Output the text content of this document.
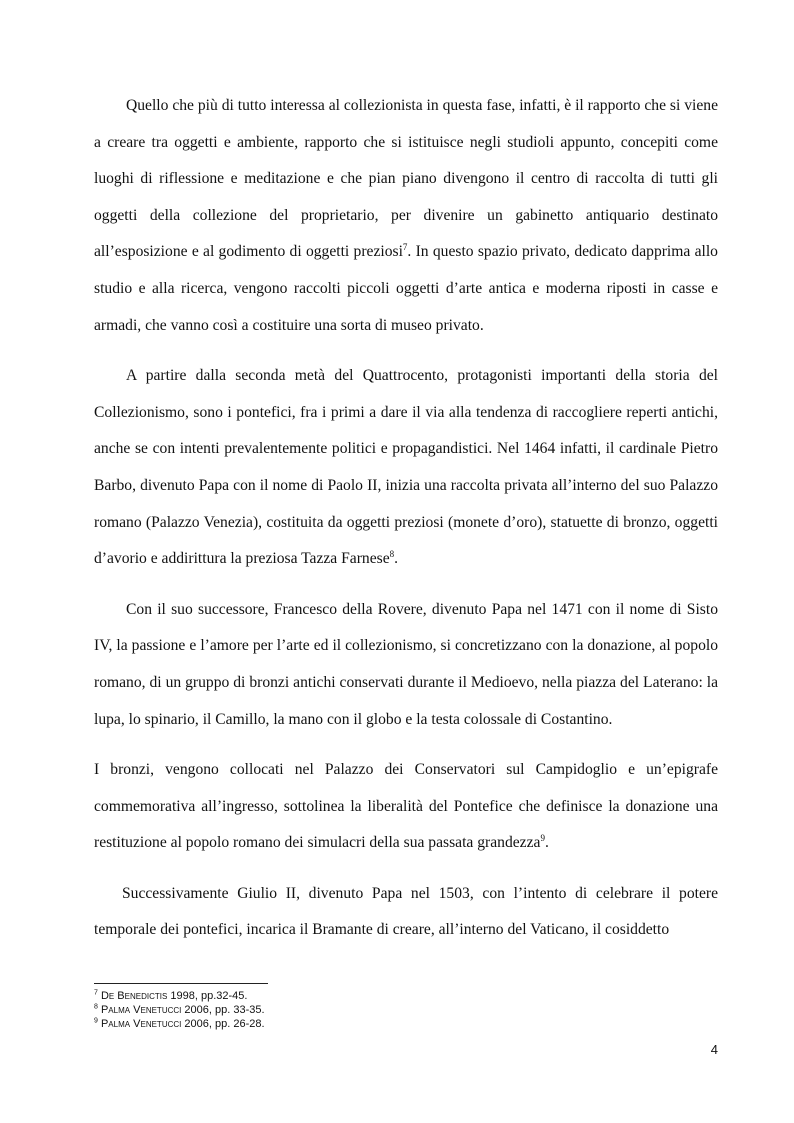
Quello che più di tutto interessa al collezionista in questa fase, infatti, è il rapporto che si viene a creare tra oggetti e ambiente, rapporto che si istituisce negli studioli appunto, concepiti come luoghi di riflessione e meditazione e che pian piano divengono il centro di raccolta di tutti gli oggetti della collezione del proprietario, per divenire un gabinetto antiquario destinato all’esposizione e al godimento di oggetti preziosi$^7$. In questo spazio privato, dedicato dapprima allo studio e alla ricerca, vengono raccolti piccoli oggetti d’arte antica e moderna riposti in casse e armadi, che vanno così a costituire una sorta di museo privato.

A partire dalla seconda metà del Quattrocento, protagonisti importanti della storia del Collezionismo, sono i pontefici, fra i primi a dare il via alla tendenza di raccogliere reperti antichi, anche se con intenti prevalentemente politici e propagandistici. Nel 1464 infatti, il cardinale Pietro Barbo, divenuto Papa con il nome di Paolo II, inizia una raccolta privata all’interno del suo Palazzo romano (Palazzo Venezia), costituita da oggetti preziosi (monete d’oro), statuette di bronzo, oggetti d’avorio e addirittura la preziosa Tazza Farnese$^8$.

Con il suo successore, Francesco della Rovere, divenuto Papa nel 1471 con il nome di Sisto IV, la passione e l’amore per l’arte ed il collezionismo, si concretizzano con la donazione, al popolo romano, di un gruppo di bronzi antichi conservati durante il Medioevo, nella piazza del Laterano: la lupa, lo spinario, il Camillo, la mano con il globo e la testa colossale di Costantino.

I bronzi, vengono collocati nel Palazzo dei Conservatori sul Campidoglio e un’epigrafe commemorativa all’ingresso, sottolinea la liberalità del Pontefice che definisce la donazione una restituzione al popolo romano dei simulacri della sua passata grandezza$^9$.

Successivamente Giulio II, divenuto Papa nel 1503, con l’intento di celebrare il potere temporale dei pontefici, incarica il Bramante di creare, all’interno del Vaticano, il cosiddetto

$^7$ De Benedictis 1998, pp.32-45.
$^8$ Palma Venetucci 2006, pp. 33-35.
$^9$ Palma Venetucci 2006, pp. 26-28.
4
